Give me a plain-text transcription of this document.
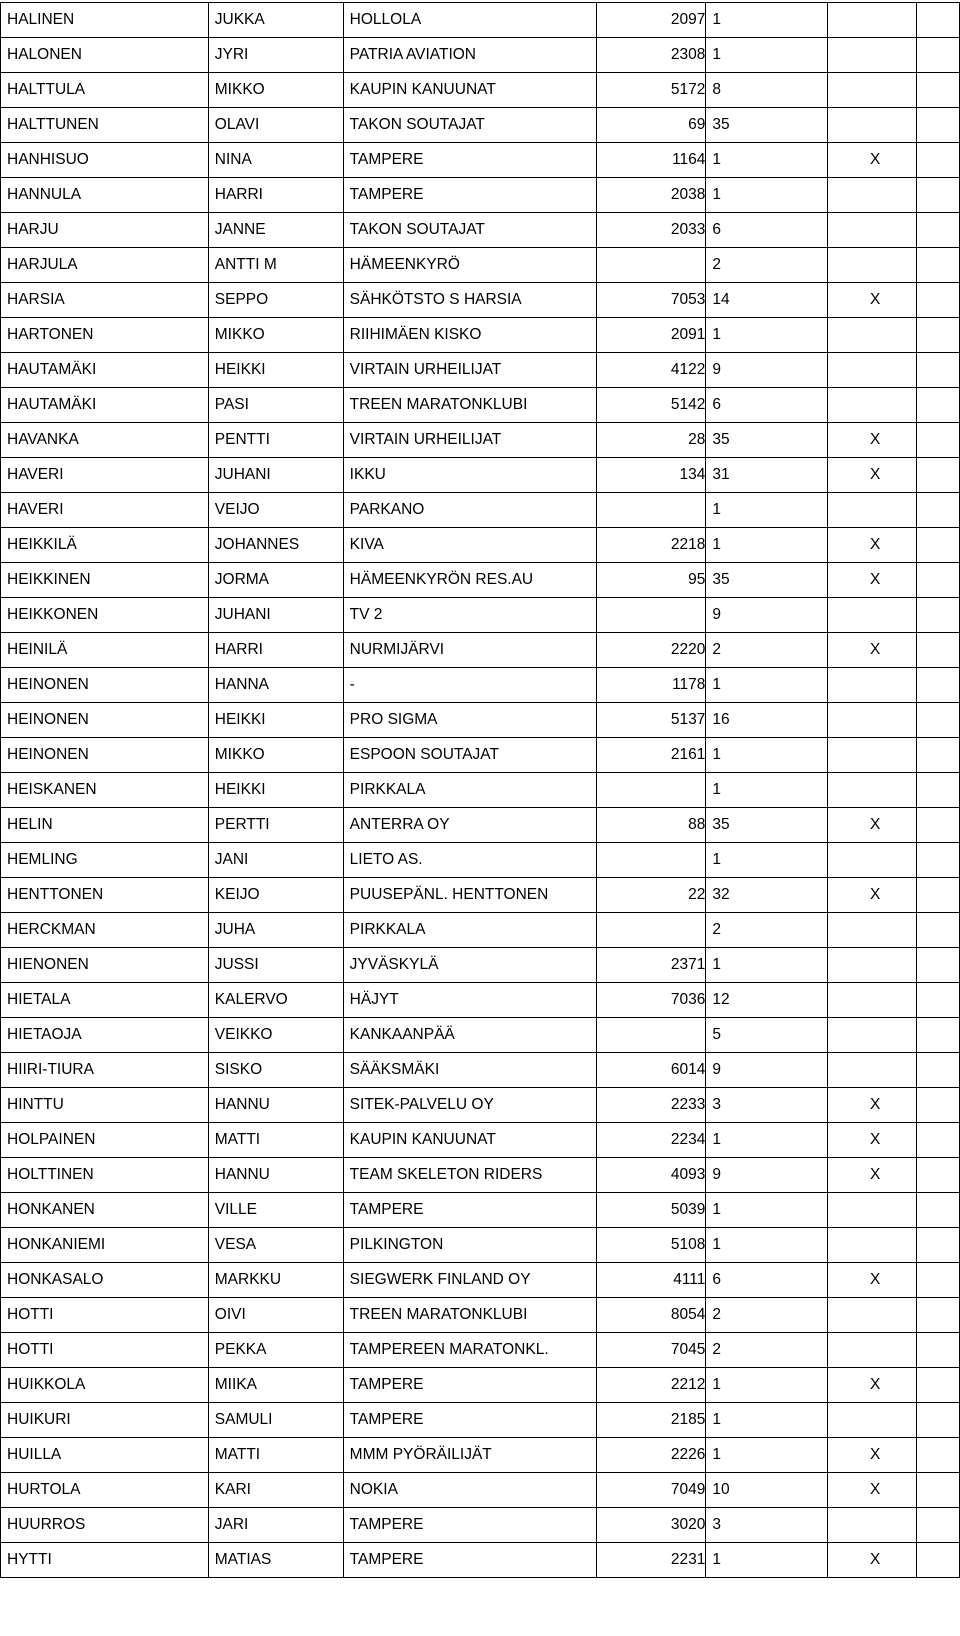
HALINEN	JUKKA	HOLLOLA	2097	1		
HALONEN	JYRI	PATRIA AVIATION	2308	1		
HALTTULA	MIKKO	KAUPIN KANUUNAT	5172	8		
HALTTUNEN	OLAVI	TAKON SOUTAJAT	69	35		
HANHISUO	NINA	TAMPERE	1164	1	X	
HANNULA	HARRI	TAMPERE	2038	1		
HARJU	JANNE	TAKON SOUTAJAT	2033	6		
HARJULA	ANTTI M	HÄMEENKYRÖ		2		
HARSIA	SEPPO	SÄHKÖTSTO S HARSIA	7053	14	X	
HARTONEN	MIKKO	RIIHIMÄEN KISKO	2091	1		
HAUTAMÄKI	HEIKKI	VIRTAIN URHEILIJAT	4122	9		
HAUTAMÄKI	PASI	TREEN MARATONKLUBI	5142	6		
HAVANKA	PENTTI	VIRTAIN URHEILIJAT	28	35	X	
HAVERI	JUHANI	IKKU	134	31	X	
HAVERI	VEIJO	PARKANO		1		
HEIKKILÄ	JOHANNES	KIVA	2218	1	X	
HEIKKINEN	JORMA	HÄMEENKYRÖN RES.AU	95	35	X	
HEIKKONEN	JUHANI	TV 2		9		
HEINILÄ	HARRI	NURMIJÄRVI	2220	2	X	
HEINONEN	HANNA	-	1178	1		
HEINONEN	HEIKKI	PRO SIGMA	5137	16		
HEINONEN	MIKKO	ESPOON SOUTAJAT	2161	1		
HEISKANEN	HEIKKI	PIRKKALA		1		
HELIN	PERTTI	ANTERRA OY	88	35	X	
HEMLING	JANI	LIETO AS.		1		
HENTTONEN	KEIJO	PUUSEPÄNL. HENTTONEN	22	32	X	
HERCKMAN	JUHA	PIRKKALA		2		
HIENONEN	JUSSI	JYVÄSKYLÄ	2371	1		
HIETALA	KALERVO	HÄJYT	7036	12		
HIETAOJA	VEIKKO	KANKAANPÄÄ		5		
HIIRI-TIURA	SISKO	SÄÄKSMÄKI	6014	9		
HINTTU	HANNU	SITEK-PALVELU OY	2233	3	X	
HOLPAINEN	MATTI	KAUPIN KANUUNAT	2234	1	X	
HOLTTINEN	HANNU	TEAM SKELETON RIDERS	4093	9	X	
HONKANEN	VILLE	TAMPERE	5039	1		
HONKANIEMI	VESA	PILKINGTON	5108	1		
HONKASALO	MARKKU	SIEGWERK FINLAND OY	4111	6	X	
HOTTI	OIVI	TREEN MARATONKLUBI	8054	2		
HOTTI	PEKKA	TAMPEREEN MARATONKL.	7045	2		
HUIKKOLA	MIIKA	TAMPERE	2212	1	X	
HUIKURI	SAMULI	TAMPERE	2185	1		
HUILLA	MATTI	MMM PYÖRÄILIJÄT	2226	1	X	
HURTOLA	KARI	NOKIA	7049	10	X	
HUURROS	JARI	TAMPERE	3020	3		
HYTTI	MATIAS	TAMPERE	2231	1	X	
